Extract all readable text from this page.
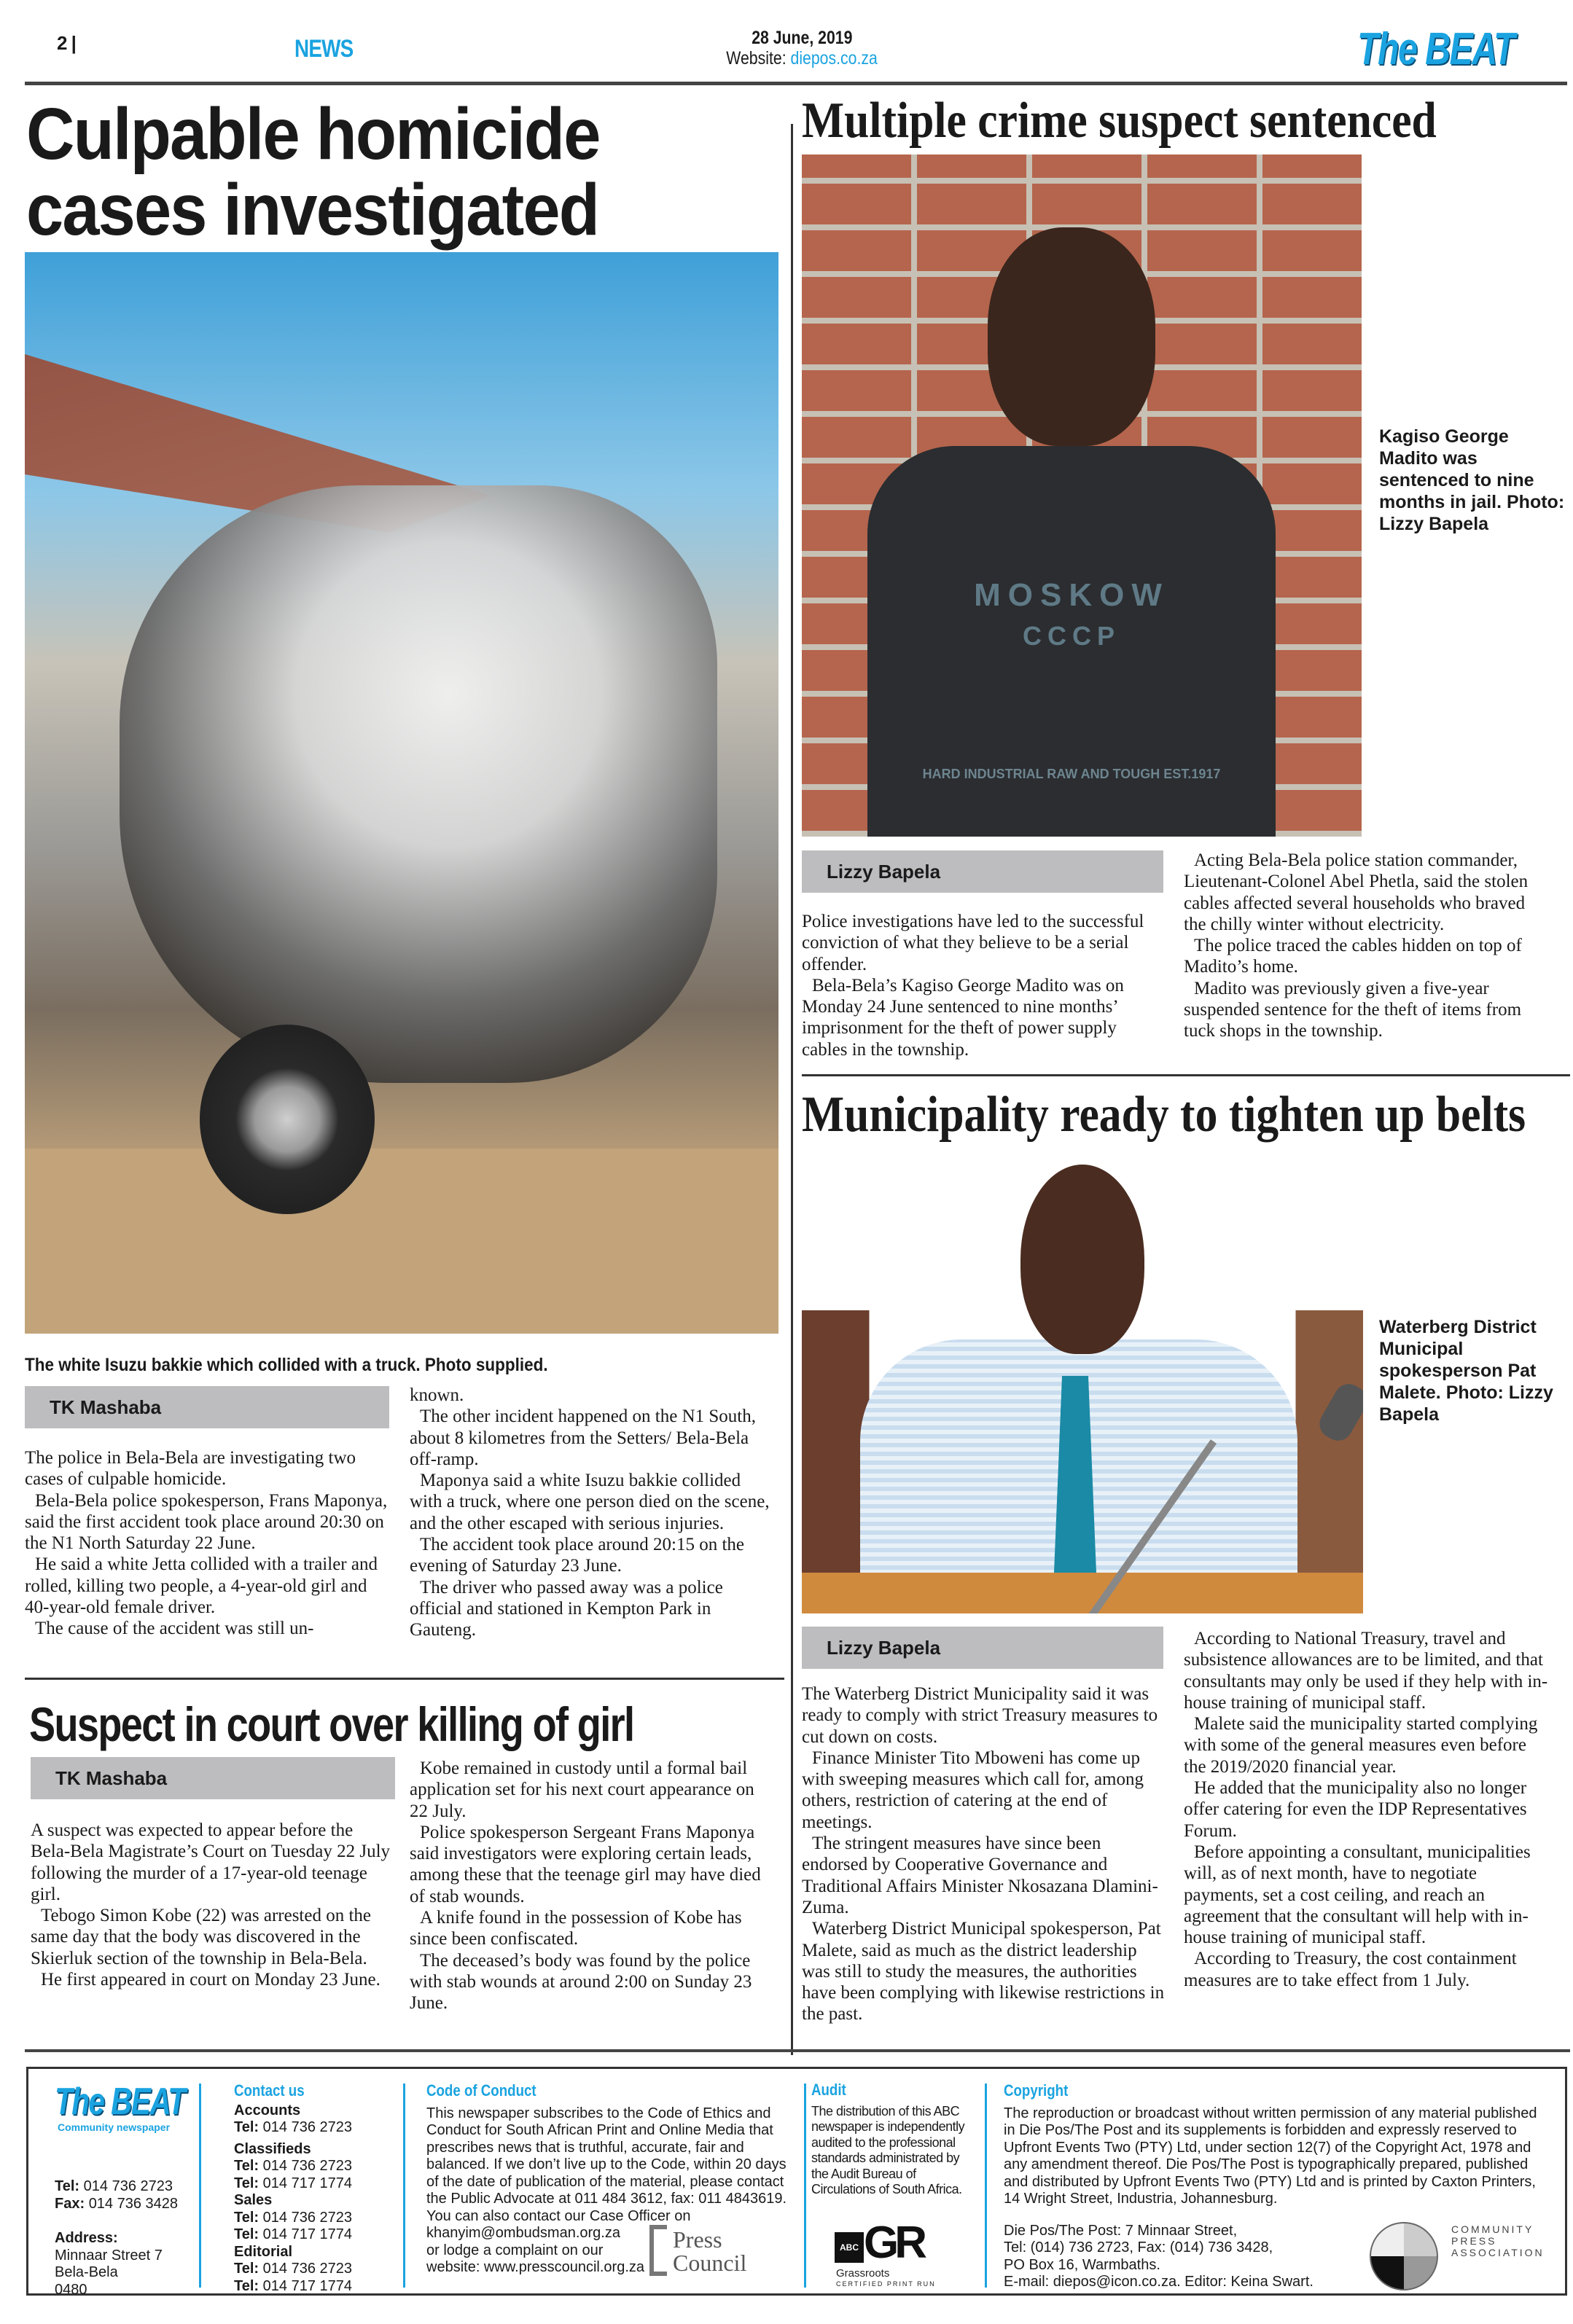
2 |	NEWS	28 June, 2019
Website: diepos.co.za	The BEAT
Culpable homicide cases investigated
The white Isuzu bakkie which collided with a truck. Photo supplied.
TK Mashaba

The police in Bela-Bela are investigating two cases of culpable homicide.

Bela-Bela police spokesperson, Frans Maponya, said the first accident took place around 20:30 on the N1 North Saturday 22 June.

He said a white Jetta collided with a trailer and rolled, killing two people, a 4-year-old girl and 40-year-old female driver.

The cause of the accident was still un-

known.

The other incident happened on the N1 South, about 8 kilometres from the Setters/ Bela-Bela off-ramp.

Maponya said a white Isuzu bakkie collided with a truck, where one person died on the scene, and the other escaped with serious injuries.

The accident took place around 20:15 on the evening of Saturday 23 June.

The driver who passed away was a police official and stationed in Kempton Park in Gauteng.

Suspect in court over killing of girl
TK Mashaba

A suspect was expected to appear before the Bela-Bela Magistrate’s Court on Tuesday 22 July following the murder of a 17-year-old teenage girl.

Tebogo Simon Kobe (22) was arrested on the same day that the body was discovered in the Skierluk section of the township in Bela-Bela.

He first appeared in court on Monday 23 June.

Kobe remained in custody until a formal bail application set for his next court appearance on 22 July.

Police spokesperson Sergeant Frans Maponya said investigators were exploring certain leads, among these that the teenage girl may have died of stab wounds.

A knife found in the possession of Kobe has since been confiscated.

The deceased’s body was found by the police with stab wounds at around 2:00 on Sunday 23 June.

Multiple crime suspect sentenced
MOSKOW
CCCP
HARD INDUSTRIAL RAW AND TOUGH EST.1917
Kagiso George Madito was sentenced to nine months in jail. Photo: Lizzy Bapela
Lizzy Bapela

Police investigations have led to the successful conviction of what they believe to be a serial offender.

Bela-Bela’s Kagiso George Madito was on Monday 24 June sentenced to nine months’ imprisonment for the theft of power supply cables in the township.

Acting Bela-Bela police station commander, Lieutenant-Colonel Abel Phetla, said the stolen cables affected several households who braved the chilly winter without electricity.

The police traced the cables hidden on top of Madito’s home.

Madito was previously given a five-year suspended sentence for the theft of items from tuck shops in the township.

Municipality ready to tighten up belts
Waterberg District Municipal spokesperson Pat Malete. Photo: Lizzy Bapela
Lizzy Bapela

The Waterberg District Municipality said it was ready to comply with strict Treasury measures to cut down on costs.

Finance Minister Tito Mboweni has come up with sweeping measures which call for, among others, restriction of catering at the end of meetings.

The stringent measures have since been endorsed by Cooperative Governance and Traditional Affairs Minister Nkosazana Dlamini-Zuma.

Waterberg District Municipal spokesperson, Pat Malete, said as much as the district leadership was still to study the measures, the authorities have been complying with likewise restrictions in the past.

According to National Treasury, travel and subsistence allowances are to be limited, and that consultants may only be used if they help with in-house training of municipal staff.

Malete said the municipality started complying with some of the general measures even before the 2019/2020 financial year.

He added that the municipality also no longer offer catering for even the IDP Representatives Forum.

Before appointing a consultant, municipalities will, as of next month, have to negotiate payments, set a cost ceiling, and reach an agreement that the consultant will help with in-house training of municipal staff.

According to Treasury, the cost containment measures are to take effect from 1 July.

The BEAT
Community newspaper
Tel: 014 736 2723
Fax: 014 736 3428
Address:
Minnaar Street 7
Bela-Bela
0480
Contact us
Accounts
Tel: 014 736 2723
Classifieds
Tel: 014 736 2723
Tel: 014 717 1774
Sales
Tel: 014 736 2723
Tel: 014 717 1774
Editorial
Tel: 014 736 2723
Tel: 014 717 1774
Code of Conduct
This newspaper subscribes to the Code of Ethics and Conduct for South African Print and Online Media that prescribes news that is truthful, accurate, fair and balanced. If we don’t live up to the Code, within 20 days of the date of publication of the material, please contact the Public Advocate at 011 484 3612, fax: 011 4843619. You can also contact our Case Officer on
khanyim@ombudsman.org.za
or lodge a complaint on our
website: www.presscouncil.org.za
Press
Council
Audit
The distribution of this ABC newspaper is independently audited to the professional standards administrated by the Audit Bureau of Circulations of South Africa.
ABC GR
Grassroots
CERTIFIED PRINT RUN
Copyright
The reproduction or broadcast without written permission of any material published in Die Pos/The Post and its supplements is forbidden and expressly reserved to Upfront Events Two (PTY) Ltd, under section 12(7) of the Copyright Act, 1978 and any amendment thereof. Die Pos/The Post is typographically prepared, published and distributed by Upfront Events Two (PTY) Ltd and is printed by Caxton Printers, 14 Wright Street, Industria, Johannesburg.
Die Pos/The Post: 7 Minnaar Street,
Tel: (014) 736 2723, Fax: (014) 736 3428,
PO Box 16, Warmbaths.
E-mail: diepos@icon.co.za. Editor: Keina Swart.
COMMUNITY
PRESS
ASSOCIATION
